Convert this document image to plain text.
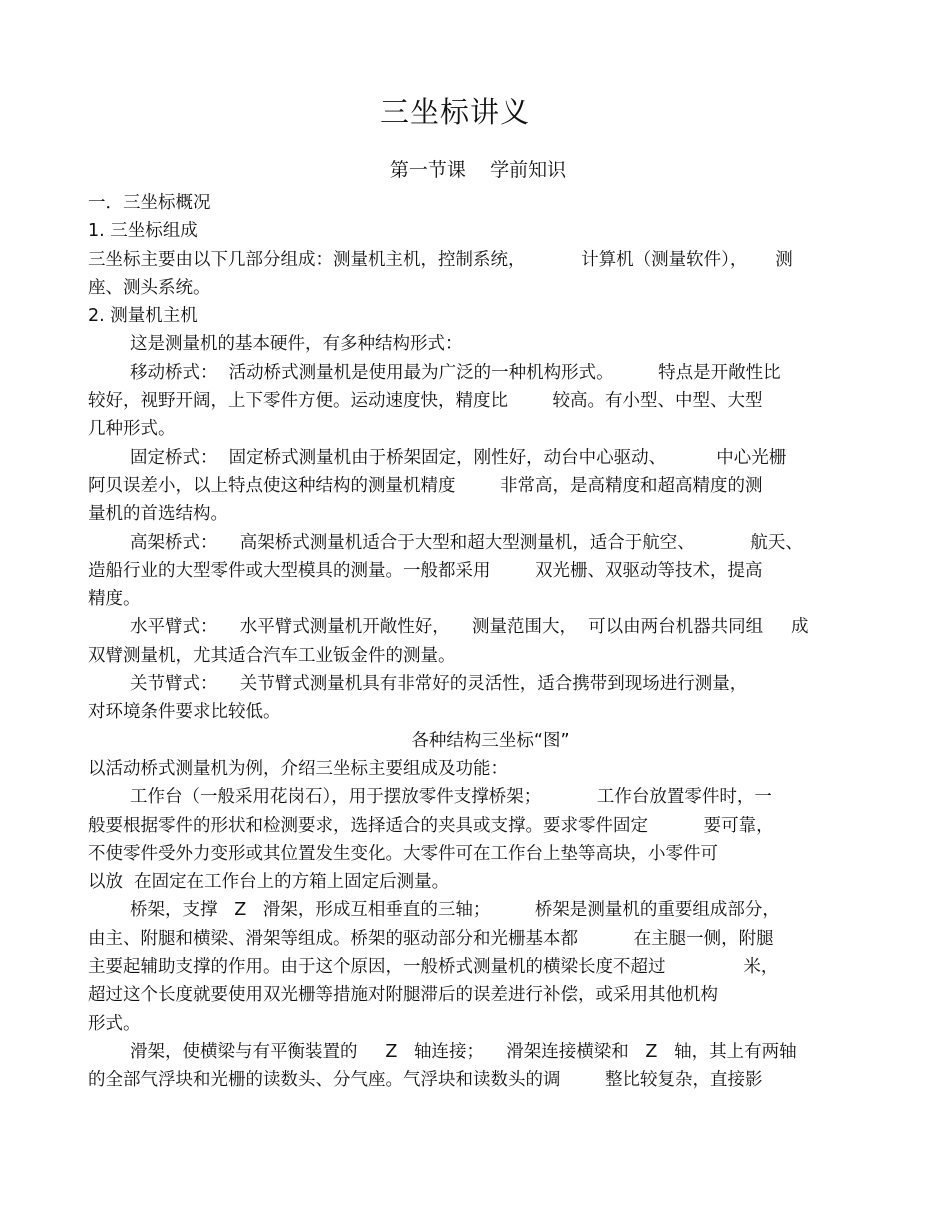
三坐标讲义
第一节课    学前知识
一．三坐标概况
1. 三坐标组成
三坐标主要由以下几部分组成：测量机主机，控制系统，          计算机（测量软件），     测
座、测头系统。
2. 测量机主机
这是测量机的基本硬件，有多种结构形式：
移动桥式：  活动桥式测量机是使用最为广泛的一种机构形式。        特点是开敞性比
较好，视野开阔，上下零件方便。运动速度快，精度比        较高。有小型、中型、大型
几种形式。
固定桥式：  固定桥式测量机由于桥架固定，刚性好，动台中心驱动、         中心光栅
阿贝误差小，以上特点使这种结构的测量机精度        非常高，是高精度和超高精度的测
量机的首选结构。
高架桥式：    高架桥式测量机适合于大型和超大型测量机，适合于航空、          航天、
造船行业的大型零件或大型模具的测量。一般都采用        双光栅、双驱动等技术，提高
精度。
水平臂式：    水平臂式测量机开敞性好，    测量范围大，  可以由两台机器共同组     成
双臂测量机，尤其适合汽车工业钣金件的测量。
关节臂式：    关节臂式测量机具有非常好的灵活性，适合携带到现场进行测量，
对环境条件要求比较低。
各种结构三坐标“图”
以活动桥式测量机为例，介绍三坐标主要组成及功能：
工作台（一般采用花岗石），用于摆放零件支撑桥架；          工作台放置零件时，一
般要根据零件的形状和检测要求，选择适合的夹具或支撑。要求零件固定          要可靠，
不使零件受外力变形或其位置发生变化。大零件可在工作台上垫等高块，小零件可
以放  在固定在工作台上的方箱上固定后测量。
桥架，支撑   Z   滑架，形成互相垂直的三轴；        桥架是测量机的重要组成部分，
由主、附腿和横梁、滑架等组成。桥架的驱动部分和光栅基本都          在主腿一侧，附腿
主要起辅助支撑的作用。由于这个原因，一般桥式测量机的横梁长度不超过              米，
超过这个长度就要使用双光栅等措施对附腿滞后的误差进行补偿，或采用其他机构
形式。
滑架，使横梁与有平衡装置的     Z   轴连接；    滑架连接横梁和   Z   轴，其上有两轴
的全部气浮块和光栅的读数头、分气座。气浮块和读数头的调        整比较复杂，直接影
